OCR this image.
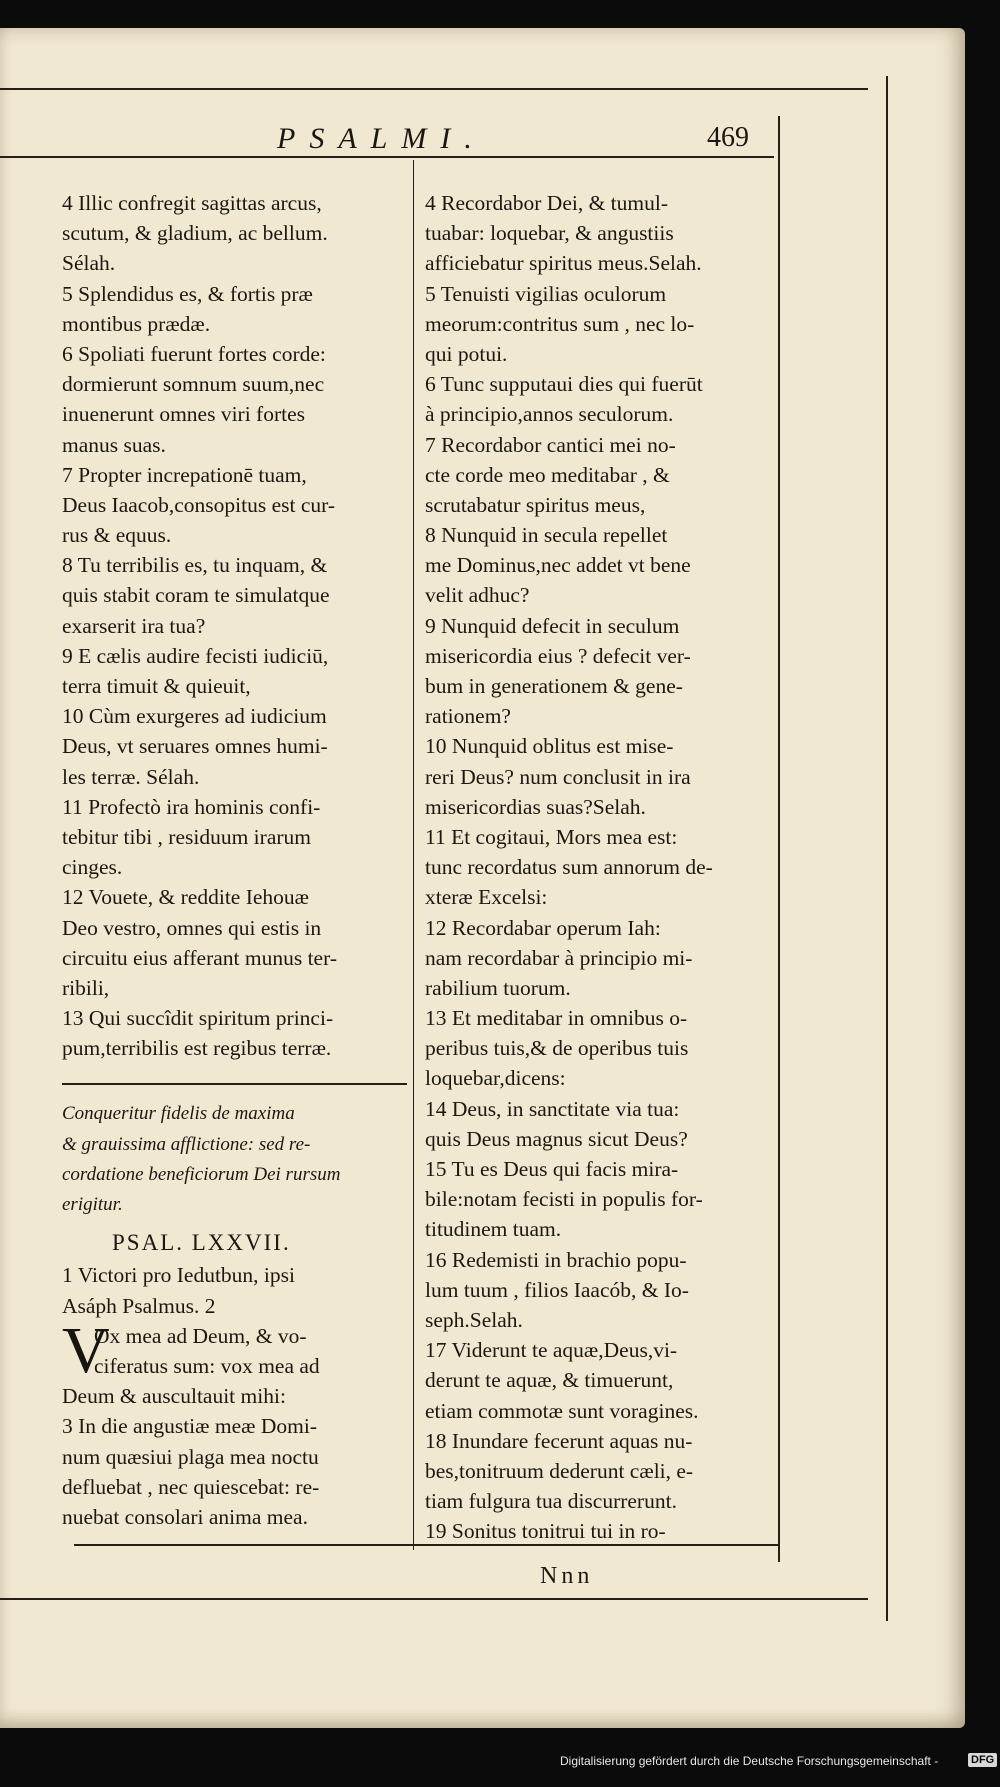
PSALMI.	469
4 Illic confregit sagittas arcus,
scutum, & gladium, ac bellum.
Sélah.
5 Splendidus es, & fortis præ
montibus prædæ.
6 Spoliati fuerunt fortes corde:
dormierunt somnum suum,nec
inuenerunt omnes viri fortes
manus suas.
7 Propter increpationē tuam,
Deus Iaacob,consopitus est cur-
rus & equus.
8 Tu terribilis es, tu inquam, &
quis stabit coram te simulatque
exarserit ira tua?
9 E cælis audire fecisti iudiciū,
terra timuit & quieuit,
10 Cùm exurgeres ad iudicium
Deus, vt seruares omnes humi-
les terræ. Sélah.
11 Profectò ira hominis confi-
tebitur tibi , residuum irarum
cinges.
12 Vouete, & reddite Iehouæ
Deo vestro, omnes qui estis in
circuitu eius afferant munus ter-
ribili,
13 Qui succîdit spiritum princi-
pum,terribilis est regibus terræ.
Conqueritur fidelis de maxima
& grauissima afflictione: sed re-
cordatione beneficiorum Dei rursum
erigitur.
PSAL. LXXVII.
1 Victori pro Iedutbun, ipsi
Asáph Psalmus. 2
V
Ox mea ad Deum, & vo-
ciferatus sum: vox mea ad
Deum & auscultauit mihi:
3 In die angustiæ meæ Domi-
num quæsiui plaga mea noctu
defluebat , nec quiescebat: re-
nuebat consolari anima mea.
4 Recordabor Dei, & tumul-
tuabar: loquebar, & angustiis
afficiebatur spiritus meus.Selah.
5 Tenuisti vigilias oculorum
meorum:contritus sum , nec lo-
qui potui.
6 Tunc supputaui dies qui fuerūt
à principio,annos seculorum.
7 Recordabor cantici mei no-
cte corde meo meditabar , &
scrutabatur spiritus meus,
8 Nunquid in secula repellet
me Dominus,nec addet vt bene
velit adhuc?
9 Nunquid defecit in seculum
misericordia eius ? defecit ver-
bum in generationem & gene-
rationem?
10 Nunquid oblitus est mise-
reri Deus? num conclusit in ira
misericordias suas?Selah.
11 Et cogitaui, Mors mea est:
tunc recordatus sum annorum de-
xteræ Excelsi:
12 Recordabar operum Iah:
nam recordabar à principio mi-
rabilium tuorum.
13 Et meditabar in omnibus o-
peribus tuis,& de operibus tuis
loquebar,dicens:
14 Deus, in sanctitate via tua:
quis Deus magnus sicut Deus?
15 Tu es Deus qui facis mira-
bile:notam fecisti in populis for-
titudinem tuam.
16 Redemisti in brachio popu-
lum tuum , filios Iaacób, & Io-
seph.Selah.
17 Viderunt te aquæ,Deus,vi-
derunt te aquæ, & timuerunt,
etiam commotæ sunt voragines.
18 Inundare fecerunt aquas nu-
bes,tonitruum dederunt cæli, e-
tiam fulgura tua discurrerunt.
19 Sonitus tonitrui tui in ro-
Nnn
Digitalisierung gefördert durch die Deutsche Forschungsgemeinschaft -	DFG
